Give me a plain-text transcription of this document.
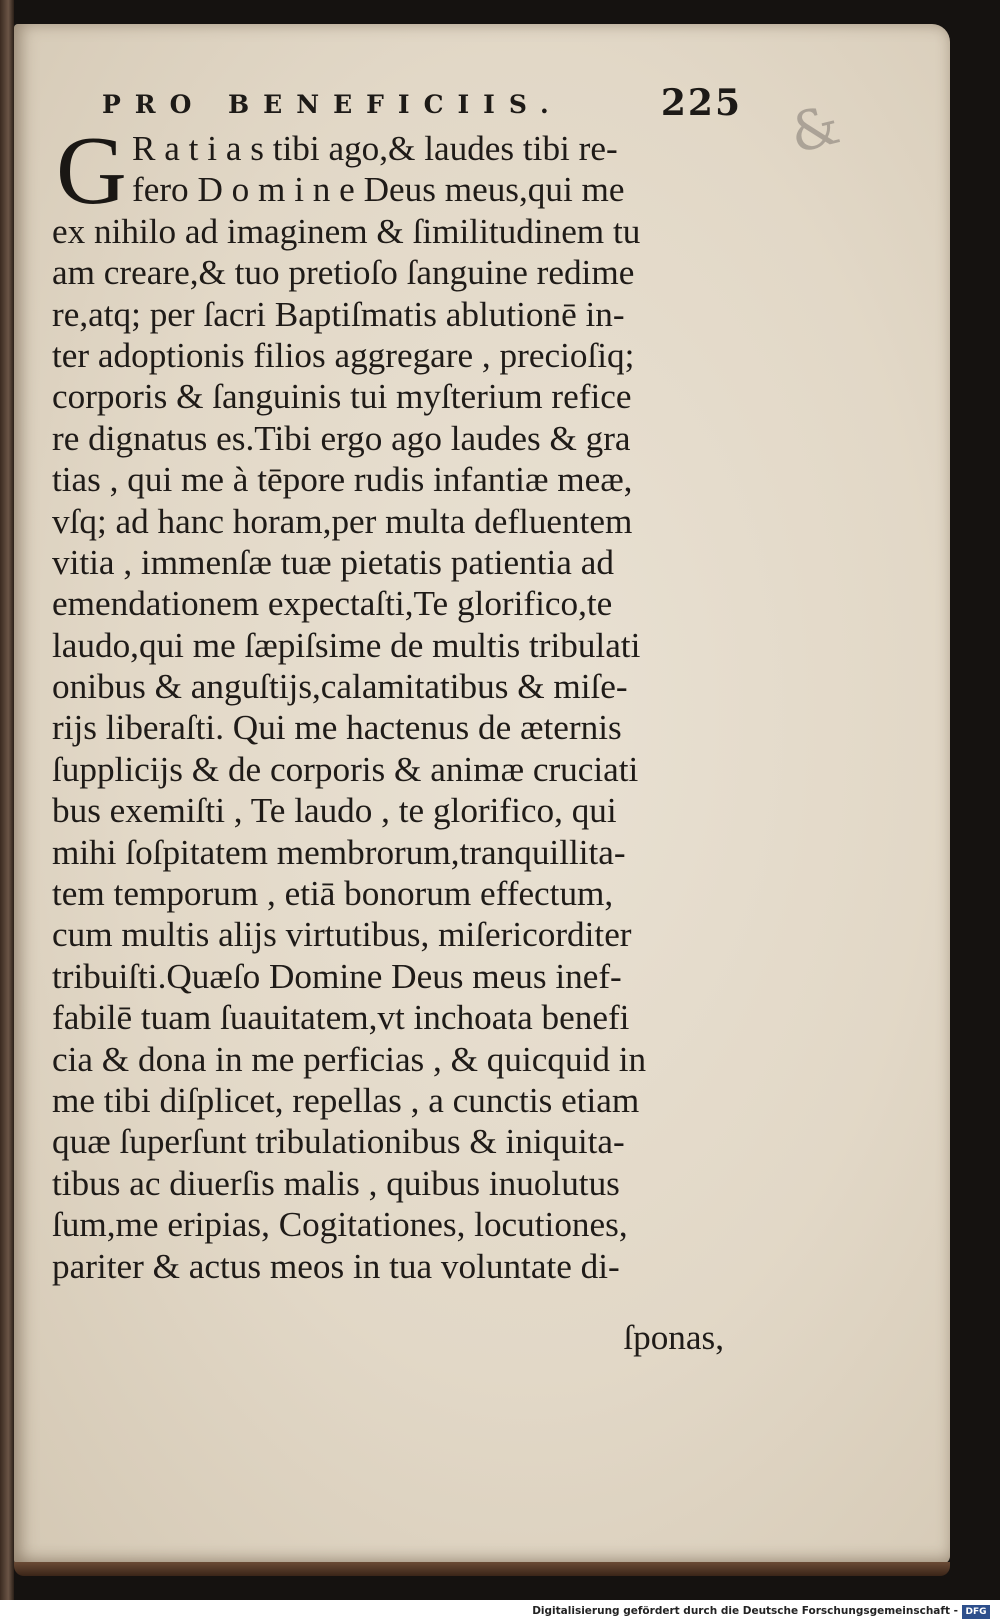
PRO BENEFICIIS.	225 &
G R a t i a s tibi ago,& laudes tibi re-
fero D o m i n e Deus meus,qui me
ex nihilo ad imaginem & ſimilitudinem tu
am creare,& tuo pretioſo ſanguine redime
re,atq; per ſacri Baptiſmatis ablutionē in-
ter adoptionis filios aggregare , precioſiq;
corporis & ſanguinis tui myſterium refice
re dignatus es.Tibi ergo ago laudes & gra
tias , qui me à tēpore rudis infantiæ meæ,
vſq; ad hanc horam,per multa defluentem
vitia , immenſæ tuæ pietatis patientia ad
emendationem expectaſti,Te glorifico,te
laudo,qui me ſæpiſsime de multis tribulati
onibus & anguſtijs,calamitatibus & miſe-
rijs liberaſti. Qui me hactenus de æternis
ſupplicijs & de corporis & animæ cruciati
bus exemiſti , Te laudo , te glorifico, qui
mihi ſoſpitatem membrorum,tranquillita-
tem temporum , etiā bonorum effectum,
cum multis alijs virtutibus, miſericorditer
tribuiſti.Quæſo Domine Deus meus inef-
fabilē tuam ſuauitatem,vt inchoata benefi
cia & dona in me perficias , & quicquid in
me tibi diſplicet, repellas , a cunctis etiam
quæ ſuperſunt tribulationibus & iniquita-
tibus ac diuerſis malis , quibus inuolutus
ſum,me eripias, Cogitationes, locutiones,
pariter & actus meos in tua voluntate di-
ſponas,
Digitalisierung gefördert durch die Deutsche Forschungsgemeinschaft - DFG
